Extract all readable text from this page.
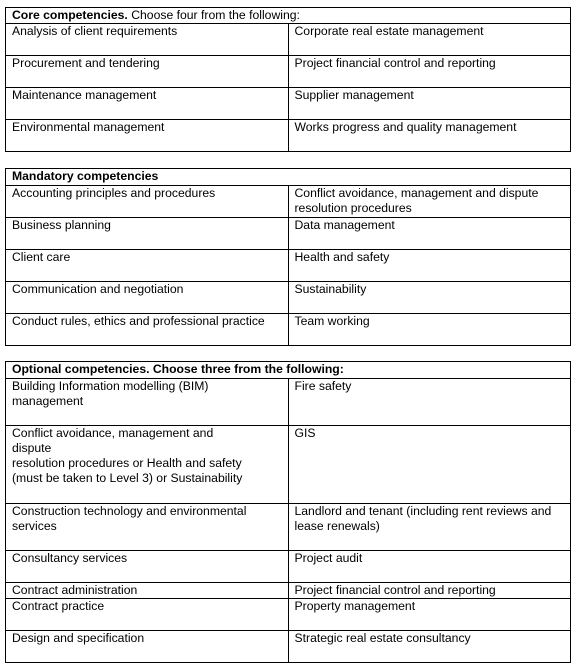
Core competencies. Choose four from the following:	
Analysis of client requirements	Corporate real estate management
Procurement and tendering	Project financial control and reporting
Maintenance management	Supplier management
Environmental management	Works progress and quality management
Mandatory competencies	
Accounting principles and procedures	Conflict avoidance, management and dispute resolution procedures
Business planning	Data management
Client care	Health and safety
Communication and negotiation	Sustainability
Conduct rules, ethics and professional practice	Team working
Optional competencies. Choose three from the following:	
Building Information modelling (BIM)
management	Fire safety
Conflict avoidance, management and
dispute
resolution procedures or Health and safety
(must be taken to Level 3) or Sustainability	GIS
Construction technology and environmental services	Landlord and tenant (including rent reviews and lease renewals)
Consultancy services	Project audit
Contract administration	Project financial control and reporting
Contract practice	Property management
Design and specification	Strategic real estate consultancy
